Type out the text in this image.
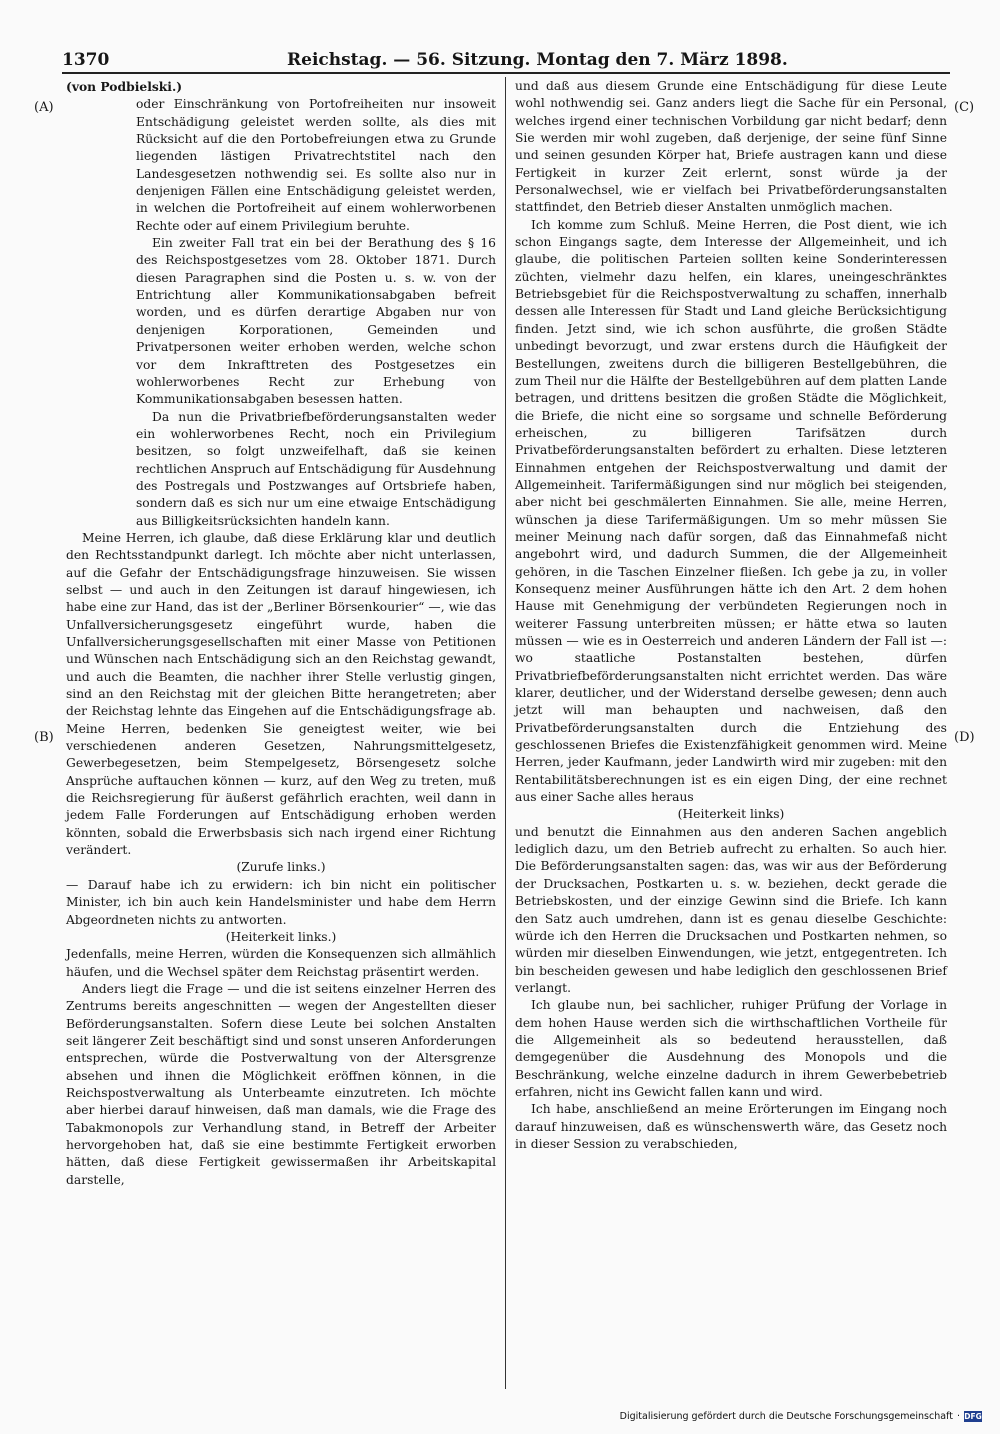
1370	Reichstag. — 56. Sitzung. Montag den 7. März 1898.
(A)
(B)
(C)
(D)

(von Podbielski.)

oder Einschränkung von Portofreiheiten nur insoweit Entschädigung geleistet werden sollte, als dies mit Rücksicht auf die den Portobefreiungen etwa zu Grunde liegenden lästigen Privatrechtstitel nach den Landesgesetzen nothwendig sei. Es sollte also nur in denjenigen Fällen eine Entschädigung geleistet werden, in welchen die Portofreiheit auf einem wohlerworbenen Rechte oder auf einem Privilegium beruhte.

Ein zweiter Fall trat ein bei der Berathung des § 16 des Reichspostgesetzes vom 28. Oktober 1871. Durch diesen Paragraphen sind die Posten u. s. w. von der Entrichtung aller Kommunikationsabgaben befreit worden, und es dürfen derartige Abgaben nur von denjenigen Korporationen, Gemeinden und Privatpersonen weiter erhoben werden, welche schon vor dem Inkrafttreten des Postgesetzes ein wohlerworbenes Recht zur Erhebung von Kommunikationsabgaben besessen hatten.

Da nun die Privatbriefbeförderungsanstalten weder ein wohlerworbenes Recht, noch ein Privilegium besitzen, so folgt unzweifelhaft, daß sie keinen rechtlichen Anspruch auf Entschädigung für Ausdehnung des Postregals und Postzwanges auf Ortsbriefe haben, sondern daß es sich nur um eine etwaige Entschädigung aus Billigkeitsrücksichten handeln kann.

Meine Herren, ich glaube, daß diese Erklärung klar und deutlich den Rechtsstandpunkt darlegt. Ich möchte aber nicht unterlassen, auf die Gefahr der Entschädigungsfrage hinzuweisen. Sie wissen selbst — und auch in den Zeitungen ist darauf hingewiesen, ich habe eine zur Hand, das ist der „Berliner Börsenkourier“ —, wie das Unfallversicherungsgesetz eingeführt wurde, haben die Unfallversicherungsgesellschaften mit einer Masse von Petitionen und Wünschen nach Entschädigung sich an den Reichstag gewandt, und auch die Beamten, die nachher ihrer Stelle verlustig gingen, sind an den Reichstag mit der gleichen Bitte herangetreten; aber der Reichstag lehnte das Eingehen auf die Entschädigungsfrage ab. Meine Herren, bedenken Sie geneigtest weiter, wie bei verschiedenen anderen Gesetzen, Nahrungsmittelgesetz, Gewerbegesetzen, beim Stempelgesetz, Börsengesetz solche Ansprüche auftauchen können — kurz, auf den Weg zu treten, muß die Reichsregierung für äußerst gefährlich erachten, weil dann in jedem Falle Forderungen auf Entschädigung erhoben werden könnten, sobald die Erwerbsbasis sich nach irgend einer Richtung verändert.

(Zurufe links.)

— Darauf habe ich zu erwidern: ich bin nicht ein politischer Minister, ich bin auch kein Handelsminister und habe dem Herrn Abgeordneten nichts zu antworten.

(Heiterkeit links.)

Jedenfalls, meine Herren, würden die Konsequenzen sich allmählich häufen, und die Wechsel später dem Reichstag präsentirt werden.

Anders liegt die Frage — und die ist seitens einzelner Herren des Zentrums bereits angeschnitten — wegen der Angestellten dieser Beförderungsanstalten. Sofern diese Leute bei solchen Anstalten seit längerer Zeit beschäftigt sind und sonst unseren Anforderungen entsprechen, würde die Postverwaltung von der Altersgrenze absehen und ihnen die Möglichkeit eröffnen können, in die Reichspostverwaltung als Unterbeamte einzutreten. Ich möchte aber hierbei darauf hinweisen, daß man damals, wie die Frage des Tabakmonopols zur Verhandlung stand, in Betreff der Arbeiter hervorgehoben hat, daß sie eine bestimmte Fertigkeit erworben hätten, daß diese Fertigkeit gewissermaßen ihr Arbeitskapital darstelle,

und daß aus diesem Grunde eine Entschädigung für diese Leute wohl nothwendig sei. Ganz anders liegt die Sache für ein Personal, welches irgend einer technischen Vorbildung gar nicht bedarf; denn Sie werden mir wohl zugeben, daß derjenige, der seine fünf Sinne und seinen gesunden Körper hat, Briefe austragen kann und diese Fertigkeit in kurzer Zeit erlernt, sonst würde ja der Personalwechsel, wie er vielfach bei Privatbeförderungsanstalten stattfindet, den Betrieb dieser Anstalten unmöglich machen.

Ich komme zum Schluß. Meine Herren, die Post dient, wie ich schon Eingangs sagte, dem Interesse der Allgemeinheit, und ich glaube, die politischen Parteien sollten keine Sonderinteressen züchten, vielmehr dazu helfen, ein klares, uneingeschränktes Betriebsgebiet für die Reichspostverwaltung zu schaffen, innerhalb dessen alle Interessen für Stadt und Land gleiche Berücksichtigung finden. Jetzt sind, wie ich schon ausführte, die großen Städte unbedingt bevorzugt, und zwar erstens durch die Häufigkeit der Bestellungen, zweitens durch die billigeren Bestellgebühren, die zum Theil nur die Hälfte der Bestellgebühren auf dem platten Lande betragen, und drittens besitzen die großen Städte die Möglichkeit, die Briefe, die nicht eine so sorgsame und schnelle Beförderung erheischen, zu billigeren Tarifsätzen durch Privatbeförderungsanstalten befördert zu erhalten. Diese letzteren Einnahmen entgehen der Reichspostverwaltung und damit der Allgemeinheit. Tarifermäßigungen sind nur möglich bei steigenden, aber nicht bei geschmälerten Einnahmen. Sie alle, meine Herren, wünschen ja diese Tarifermäßigungen. Um so mehr müssen Sie meiner Meinung nach dafür sorgen, daß das Einnahmefaß nicht angebohrt wird, und dadurch Summen, die der Allgemeinheit gehören, in die Taschen Einzelner fließen. Ich gebe ja zu, in voller Konsequenz meiner Ausführungen hätte ich den Art. 2 dem hohen Hause mit Genehmigung der verbündeten Regierungen noch in weiterer Fassung unterbreiten müssen; er hätte etwa so lauten müssen — wie es in Oesterreich und anderen Ländern der Fall ist —: wo staatliche Postanstalten bestehen, dürfen Privatbriefbeförderungsanstalten nicht errichtet werden. Das wäre klarer, deutlicher, und der Widerstand derselbe gewesen; denn auch jetzt will man behaupten und nachweisen, daß den Privatbeförderungsanstalten durch die Entziehung des geschlossenen Briefes die Existenzfähigkeit genommen wird. Meine Herren, jeder Kaufmann, jeder Landwirth wird mir zugeben: mit den Rentabilitätsberechnungen ist es ein eigen Ding, der eine rechnet aus einer Sache alles heraus

(Heiterkeit links)

und benutzt die Einnahmen aus den anderen Sachen angeblich lediglich dazu, um den Betrieb aufrecht zu erhalten. So auch hier. Die Beförderungsanstalten sagen: das, was wir aus der Beförderung der Drucksachen, Postkarten u. s. w. beziehen, deckt gerade die Betriebskosten, und der einzige Gewinn sind die Briefe. Ich kann den Satz auch umdrehen, dann ist es genau dieselbe Geschichte: würde ich den Herren die Drucksachen und Postkarten nehmen, so würden mir dieselben Einwendungen, wie jetzt, entgegentreten. Ich bin bescheiden gewesen und habe lediglich den geschlossenen Brief verlangt.

Ich glaube nun, bei sachlicher, ruhiger Prüfung der Vorlage in dem hohen Hause werden sich die wirthschaftlichen Vortheile für die Allgemeinheit als so bedeutend herausstellen, daß demgegenüber die Ausdehnung des Monopols und die Beschränkung, welche einzelne dadurch in ihrem Gewerbebetrieb erfahren, nicht ins Gewicht fallen kann und wird.

Ich habe, anschließend an meine Erörterungen im Eingang noch darauf hinzuweisen, daß es wünschenswerth wäre, das Gesetz noch in dieser Session zu verabschieden,

Digitalisierung gefördert durch die Deutsche Forschungsgemeinschaft · DFG
